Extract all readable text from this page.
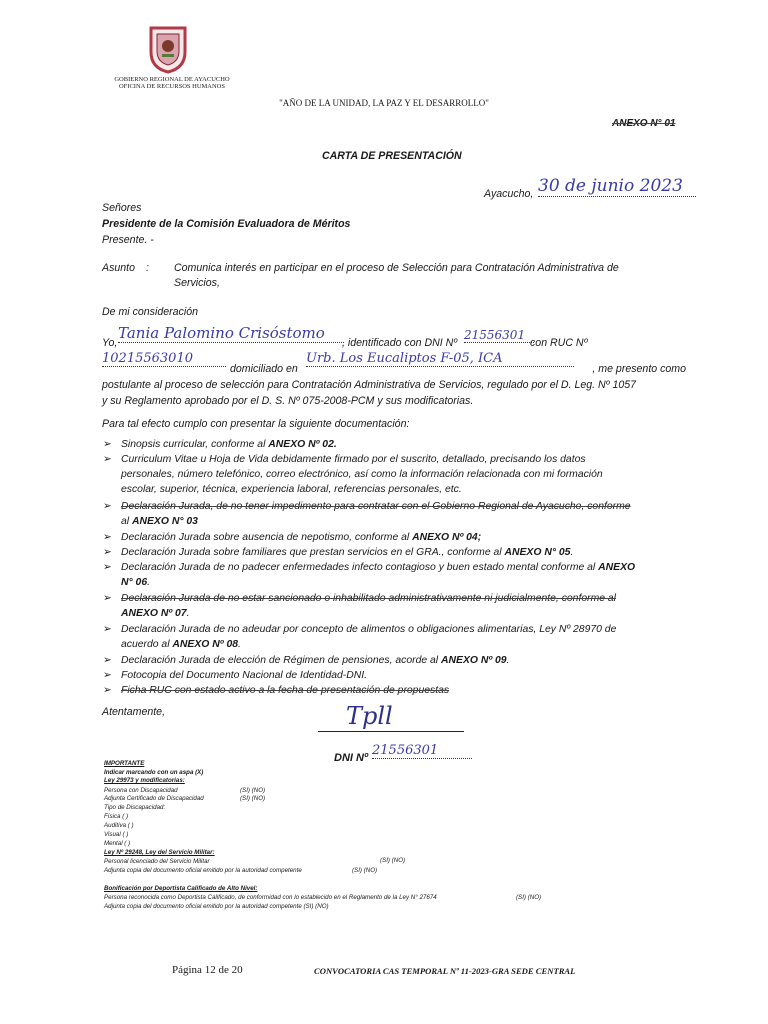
GOBIERNO REGIONAL DE AYACUCHO
OFICINA DE RECURSOS HUMANOS
"AÑO DE LA UNIDAD, LA PAZ Y EL DESARROLLO"
ANEXO N° 01
CARTA DE PRESENTACIÓN
Ayacucho, 30 de junio 2023
Señores
Presidente de la Comisión Evaluadora de Méritos
Presente. -
Asunto : Comunica interés en participar en el proceso de Selección para Contratación Administrativa de
Servicios,
De mi consideración
Yo,
Tania Palomino Crisóstomo
, identificado con DNI Nº
21556301
con RUC Nº
10215563010
domiciliado en
Urb. Los Eucaliptos F-05, ICA
, me presento como
postulante al proceso de selección para Contratación Administrativa de Servicios, regulado por el D. Leg. Nº 1057
y su Reglamento aprobado por el D. S. Nº 075-2008-PCM y sus modificatorias.
Para tal efecto cumplo con presentar la siguiente documentación:
➢ Sinopsis curricular, conforme al ANEXO Nº 02.
➢ Curriculum Vitae u Hoja de Vida debidamente firmado por el suscrito, detallado, precisando los datos
personales, número telefónico, correo electrónico, así como la información relacionada con mi formación
escolar, superior, técnica, experiencia laboral, referencias personales, etc.
➢ Declaración Jurada, de no tener impedimento para contratar con el Gobierno Regional de Ayacucho, conforme
al ANEXO N° 03
➢ Declaración Jurada sobre ausencia de nepotismo, conforme al ANEXO Nº 04;
➢ Declaración Jurada sobre familiares que prestan servicios en el GRA., conforme al ANEXO N° 05.
➢ Declaración Jurada de no padecer enfermedades infecto contagioso y buen estado mental conforme al ANEXO
N° 06.
➢ Declaración Jurada de no estar sancionado o inhabilitado administrativamente ni judicialmente, conforme al
ANEXO Nº 07.
➢ Declaración Jurada de no adeudar por concepto de alimentos o obligaciones alimentarias, Ley Nº 28970 de
acuerdo al ANEXO Nº 08.
➢ Declaración Jurada de elección de Régimen de pensiones, acorde al ANEXO Nº 09.
➢ Fotocopia del Documento Nacional de Identidad-DNI.
➢ Ficha RUC con estado activo a la fecha de presentación de propuestas
Atentamente,	Tpll
DNI Nº 21556301
IMPORTANTE
Indicar marcando con un aspa (X)
Ley 29973 y modificatorias:
Persona con Discapacidad	(SI) (NO)
Adjunta Certificado de Discapacidad	(SI) (NO)
Tipo de Discapacidad:
Física ( )
Auditiva ( )
Visual ( )
Mental ( )
Ley Nº 29248, Ley del Servicio Militar:
Personal licenciado del Servicio Militar	(SI) (NO)
Adjunta copia del documento oficial emitido por la autoridad competente	(SI) (NO)
Bonificación por Deportista Calificado de Alto Nivel:
Persona reconocida como Deportista Calificado, de conformidad con lo establecido en el Reglamento de la Ley N° 27674	(SI) (NO)
Adjunta copia del documento oficial emitido por la autoridad competente (SI) (NO)
Página 12 de 20	CONVOCATORIA CAS TEMPORAL Nº 11-2023-GRA SEDE CENTRAL
